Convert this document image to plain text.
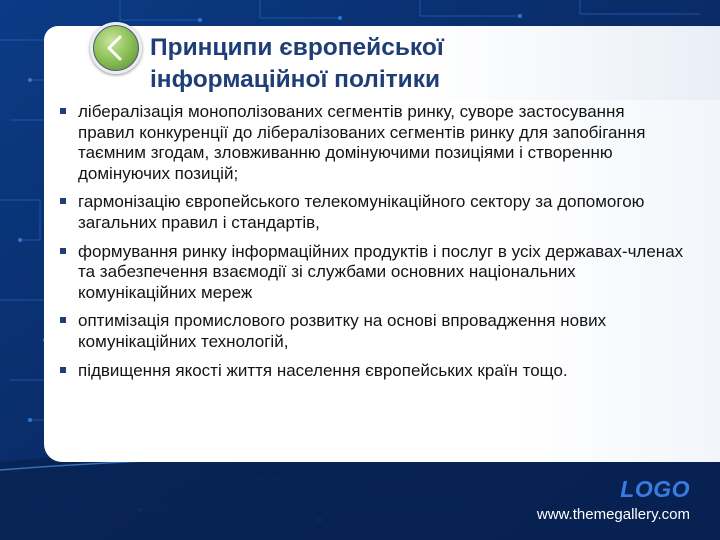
Принципи європейської
інформаційної політики
лібералізація монополізованих сегментів ринку, суворе застосування правил конкуренції до лібералізованих сегментів ринку для запобігання таємним згодам, зловживанню домінуючими позиціями і створенню домінуючих позицій;
гармонізацію європейського телекомунікаційного сектору за допомогою загальних правил і стандартів,
формування ринку інформаційних продуктів і послуг в усіх державах-членах та забезпечення взаємодії зі службами основних національних комунікаційних мереж
оптимізація промислового розвитку на основі впровадження нових комунікаційних технологій,
підвищення якості життя населення європейських країн тощо.
LOGO
www.themegallery.com
